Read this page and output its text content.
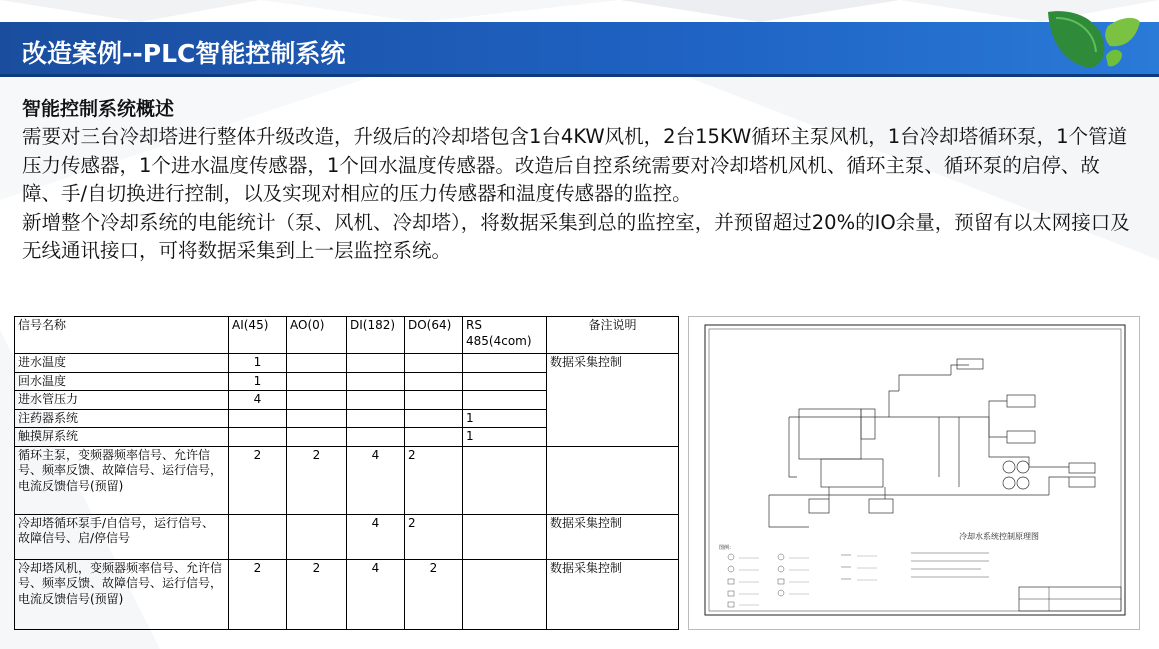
改造案例--PLC智能控制系统
智能控制系统概述

需要对三台冷却塔进行整体升级改造，升级后的冷却塔包含1台4KW风机，2台15KW循环主泵风机，1台冷却塔循环泵，1个管道压力传感器，1个进水温度传感器，1个回水温度传感器。改造后自控系统需要对冷却塔机风机、循环主泵、循环泵的启停、故障、手/自切换进行控制，以及实现对相应的压力传感器和温度传感器的监控。

新增整个冷却系统的电能统计（泵、风机、冷却塔），将数据采集到总的监控室，并预留超过20%的IO余量，预留有以太网接口及无线通讯接口，可将数据采集到上一层监控系统。

信号名称	AI(45)	AO(0)	DI(182)	DO(64)	RS 485(4com)	备注说明
进水温度	1					数据采集控制
回水温度	1					
进水管压力	4					
注药器系统					1	
触摸屏系统					1	
循环主泵，变频器频率信号、允许信号、频率反馈、故障信号、运行信号，电流反馈信号(预留)	2	2	4	2		
冷却塔循环泵手/自信号，运行信号、故障信号、启/停信号			4	2		数据采集控制
冷却塔风机，变频器频率信号、允许信号、频率反馈、故障信号、运行信号，电流反馈信号(预留)	2	2	4	2		数据采集控制
冷却水系统控制原理图
图例：
